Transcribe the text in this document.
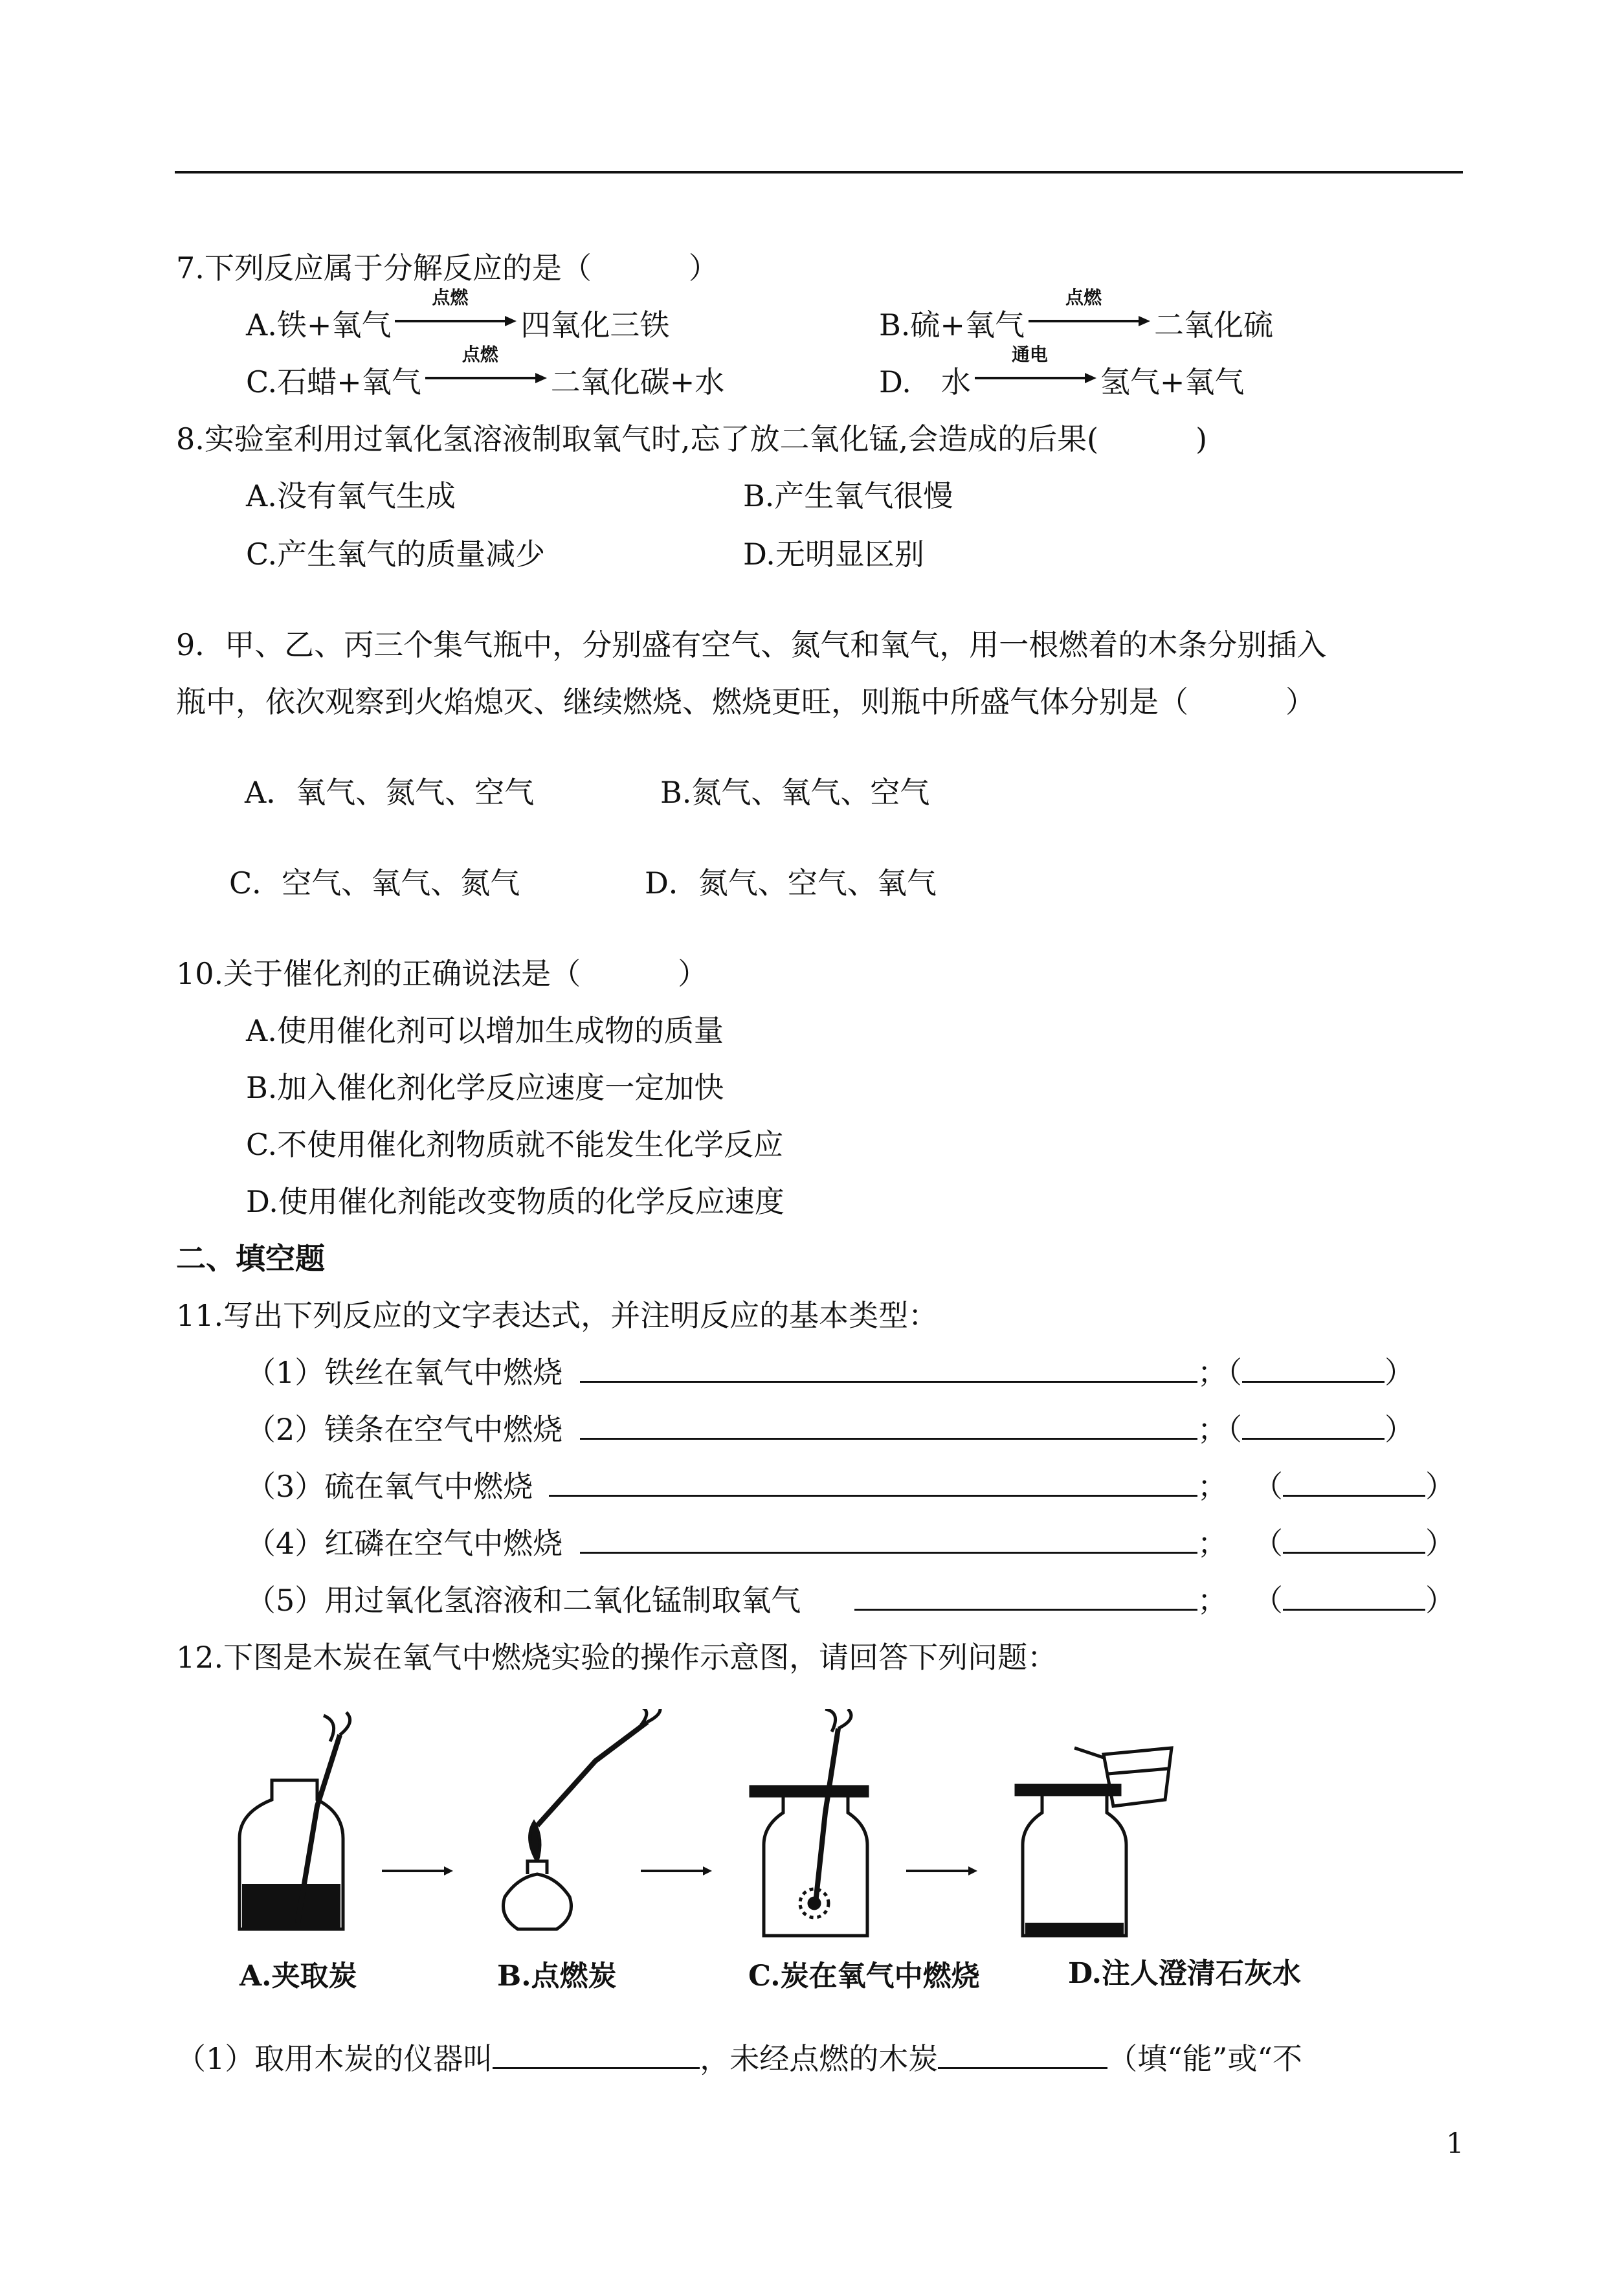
7.下列反应属于分解反应的是（	）
A.铁+氧气
点燃
四氧化三铁	B.硫+氧气
点燃
二氧化硫
C.石蜡+氧气
点燃
二氧化碳+水	D.　水
通电
氢气+氧气
8.实验室利用过氧化氢溶液制取氧气时,忘了放二氧化锰,会造成的后果(	)
A.没有氧气生成	B.产生氧气很慢
C.产生氧气的质量减少	D.无明显区别
9．甲、乙、丙三个集气瓶中，分别盛有空气、氮气和氧气，用一根燃着的木条分别插入
瓶中，依次观察到火焰熄灭、继续燃烧、燃烧更旺，则瓶中所盛气体分别是（	）
A．氧气、氮气、空气	B.氮气、氧气、空气
C．空气、氧气、氮气	D．氮气、空气、氧气
10.关于催化剂的正确说法是（	）
A.使用催化剂可以增加生成物的质量
B.加入催化剂化学反应速度一定加快
C.不使用催化剂物质就不能发生化学反应
D.使用催化剂能改变物质的化学反应速度
二、填空题
11.写出下列反应的文字表达式，并注明反应的基本类型：
（1）铁丝在氧气中燃烧	；（	）
（2）镁条在空气中燃烧	；（	）
（3）硫在氧气中燃烧	； （	）
（4）红磷在空气中燃烧	； （	）
（5）用过氧化氢溶液和二氧化锰制取氧气	； （	）
12.下图是木炭在氧气中燃烧实验的操作示意图，请回答下列问题：
A.夹取炭	B.点燃炭	C.炭在氧气中燃烧	D.注人澄清石灰水
（1）取用木炭的仪器叫	，未经点燃的木炭	（填“能”或“不
1
